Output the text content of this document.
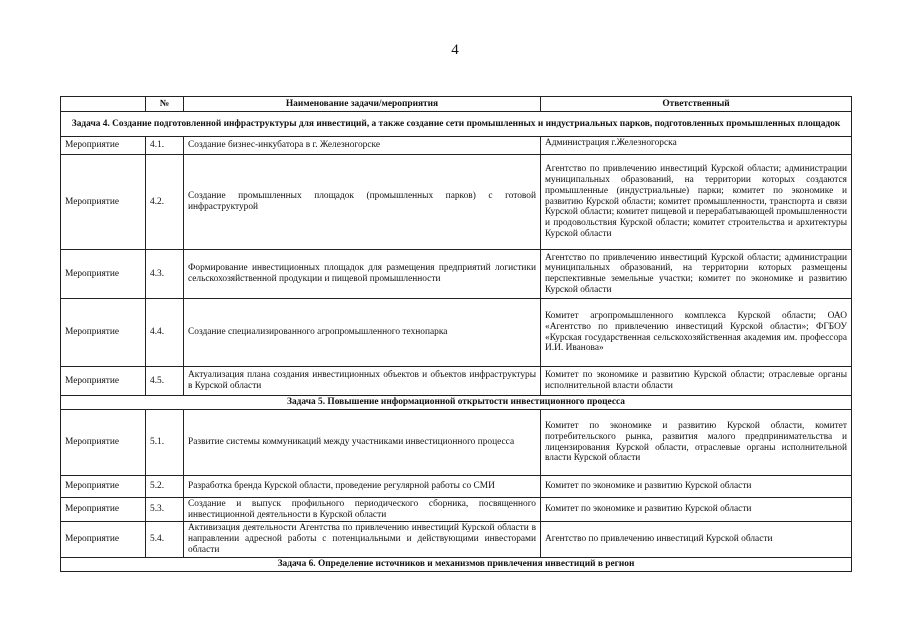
4
	№	Наименование задачи/мероприятия	Ответственный
Задача 4. Создание подготовленной инфраструктуры для инвестиций, а также создание сети промышленных и индустриальных парков, подготовленных промышленных площадок			
Мероприятие	4.1.	Создание бизнес-инкубатора в г. Железногорске	Администрация г.Железногорска
Мероприятие	4.2.	Создание промышленных площадок (промышленных парков) с готовой инфраструктурой	Агентство по привлечению инвестиций Курской области; администрации муниципальных образований, на территории которых создаются промышленные (индустриальные) парки; комитет по экономике и развитию Курской области; комитет промышленности, транспорта и связи Курской области; комитет пищевой и перерабатывающей промышленности и продовольствия Курской области; комитет строительства и архитектуры Курской области
Мероприятие	4.3.	Формирование инвестиционных площадок для размещения предприятий логистики сельскохозяйственной продукции и пищевой промышленности	Агентство по привлечению инвестиций Курской области; администрации муниципальных образований, на территории которых размещены перспективные земельные участки; комитет по экономике и развитию Курской области
Мероприятие	4.4.	Создание специализированного агропромышленного технопарка	Комитет агропромышленного комплекса Курской области; ОАО «Агентство по привлечению инвестиций Курской области»; ФГБОУ «Курская государственная сельскохозяйственная академия им. профессора И.И. Иванова»
Мероприятие	4.5.	Актуализация плана создания инвестиционных объектов и объектов инфраструктуры в Курской области	Комитет по экономике и развитию Курской области; отраслевые органы исполнительной власти области
Задача 5. Повышение информационной открытости инвестиционного процесса			
Мероприятие	5.1.	Развитие системы коммуникаций между участниками инвестиционного процесса	Комитет по экономике и развитию Курской области, комитет потребительского рынка, развития малого предпринимательства и лицензирования Курской области, отраслевые органы исполнительной власти Курской области
Мероприятие	5.2.	Разработка бренда Курской области, проведение регулярной работы со СМИ	Комитет по экономике и развитию Курской области
Мероприятие	5.3.	Создание и выпуск профильного периодического сборника, посвященного инвестиционной деятельности в Курской области	Комитет по экономике и развитию Курской области
Мероприятие	5.4.	Активизация деятельности Агентства по привлечению инвестиций Курской области в направлении адресной работы с потенциальными и действующими инвесторами области	Агентство по привлечению инвестиций Курской области
Задача 6. Определение источников и механизмов привлечения инвестиций в регион			
